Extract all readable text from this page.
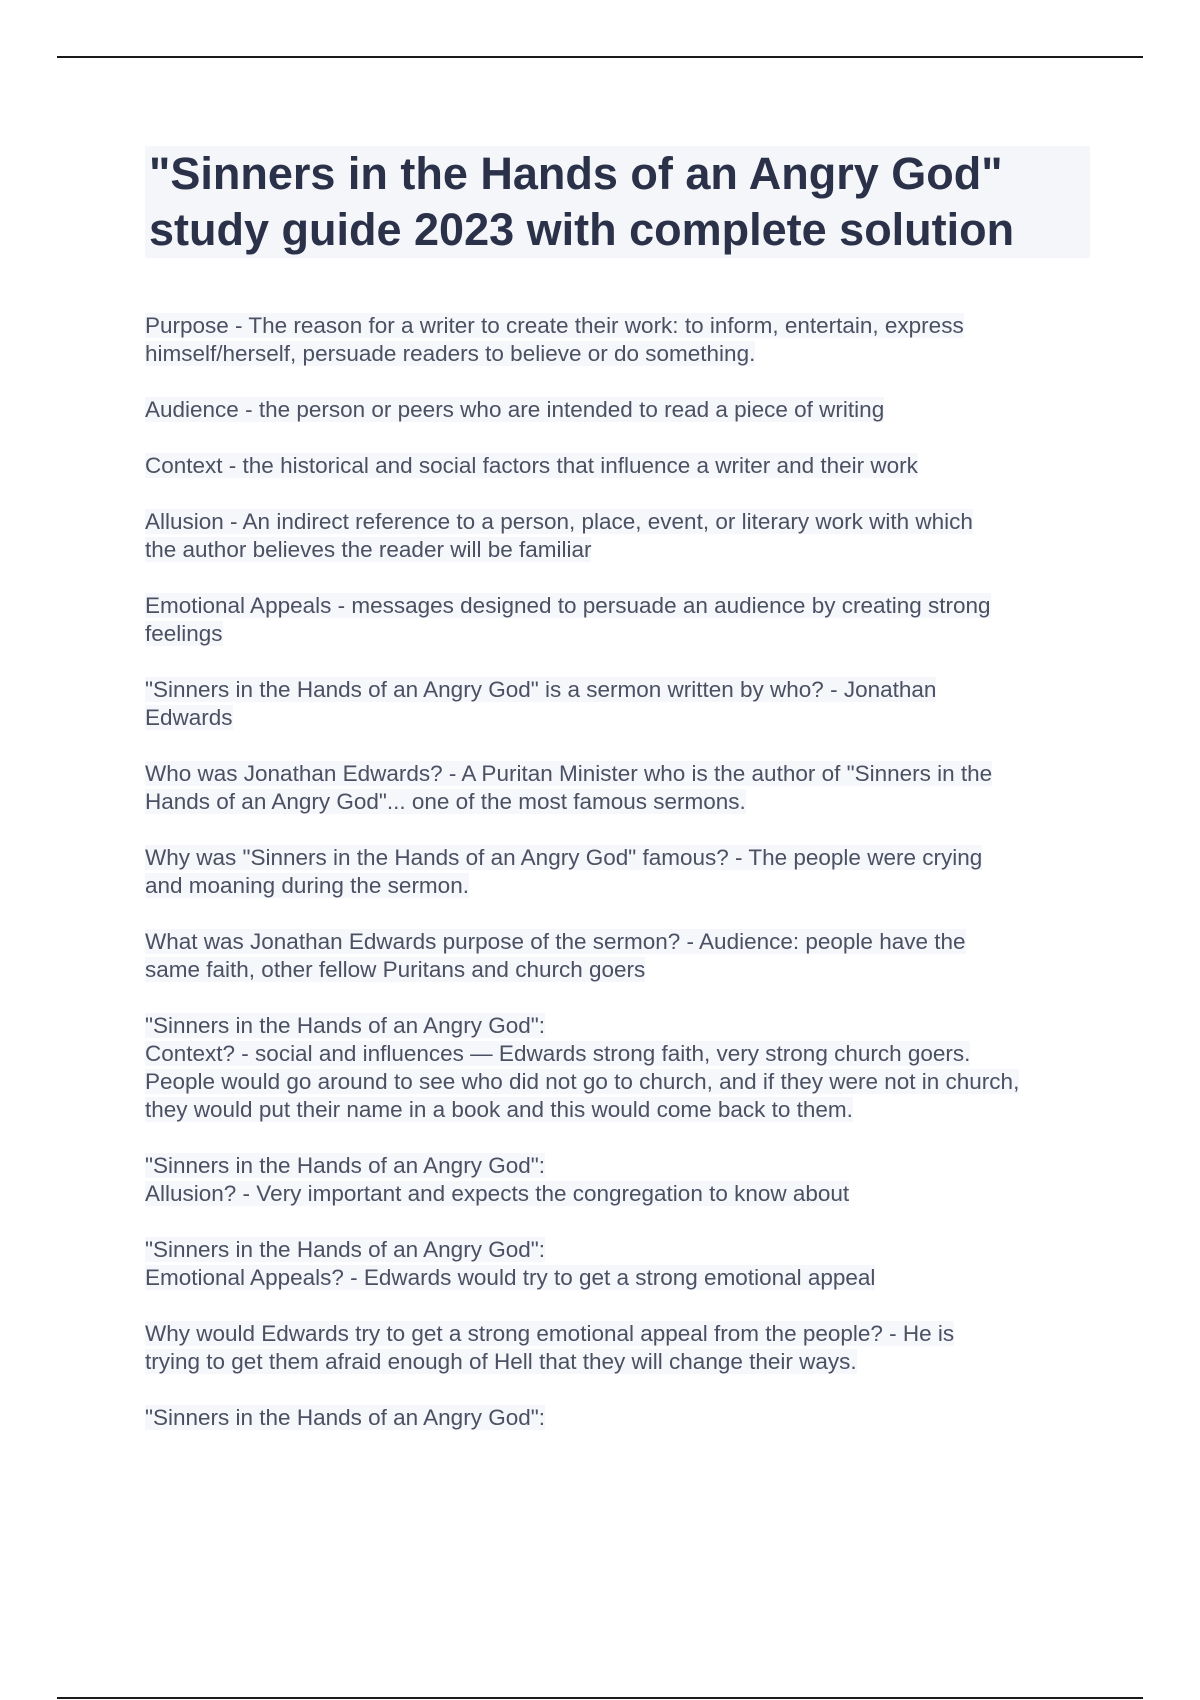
"Sinners in the Hands of an Angry God"
study guide 2023 with complete solution
Purpose - The reason for a writer to create their work: to inform, entertain, express
himself/herself, persuade readers to believe or do something.
Audience - the person or peers who are intended to read a piece of writing
Context - the historical and social factors that influence a writer and their work
Allusion - An indirect reference to a person, place, event, or literary work with which
the author believes the reader will be familiar
Emotional Appeals - messages designed to persuade an audience by creating strong
feelings
"Sinners in the Hands of an Angry God" is a sermon written by who? - Jonathan
Edwards
Who was Jonathan Edwards? - A Puritan Minister who is the author of "Sinners in the
Hands of an Angry God"... one of the most famous sermons.
Why was "Sinners in the Hands of an Angry God" famous? - The people were crying
and moaning during the sermon.
What was Jonathan Edwards purpose of the sermon? - Audience: people have the
same faith, other fellow Puritans and church goers
"Sinners in the Hands of an Angry God":
Context? - social and influences — Edwards strong faith, very strong church goers.
People would go around to see who did not go to church, and if they were not in church,
they would put their name in a book and this would come back to them.
"Sinners in the Hands of an Angry God":
Allusion? - Very important and expects the congregation to know about
"Sinners in the Hands of an Angry God":
Emotional Appeals? - Edwards would try to get a strong emotional appeal
Why would Edwards try to get a strong emotional appeal from the people? - He is
trying to get them afraid enough of Hell that they will change their ways.
"Sinners in the Hands of an Angry God":
